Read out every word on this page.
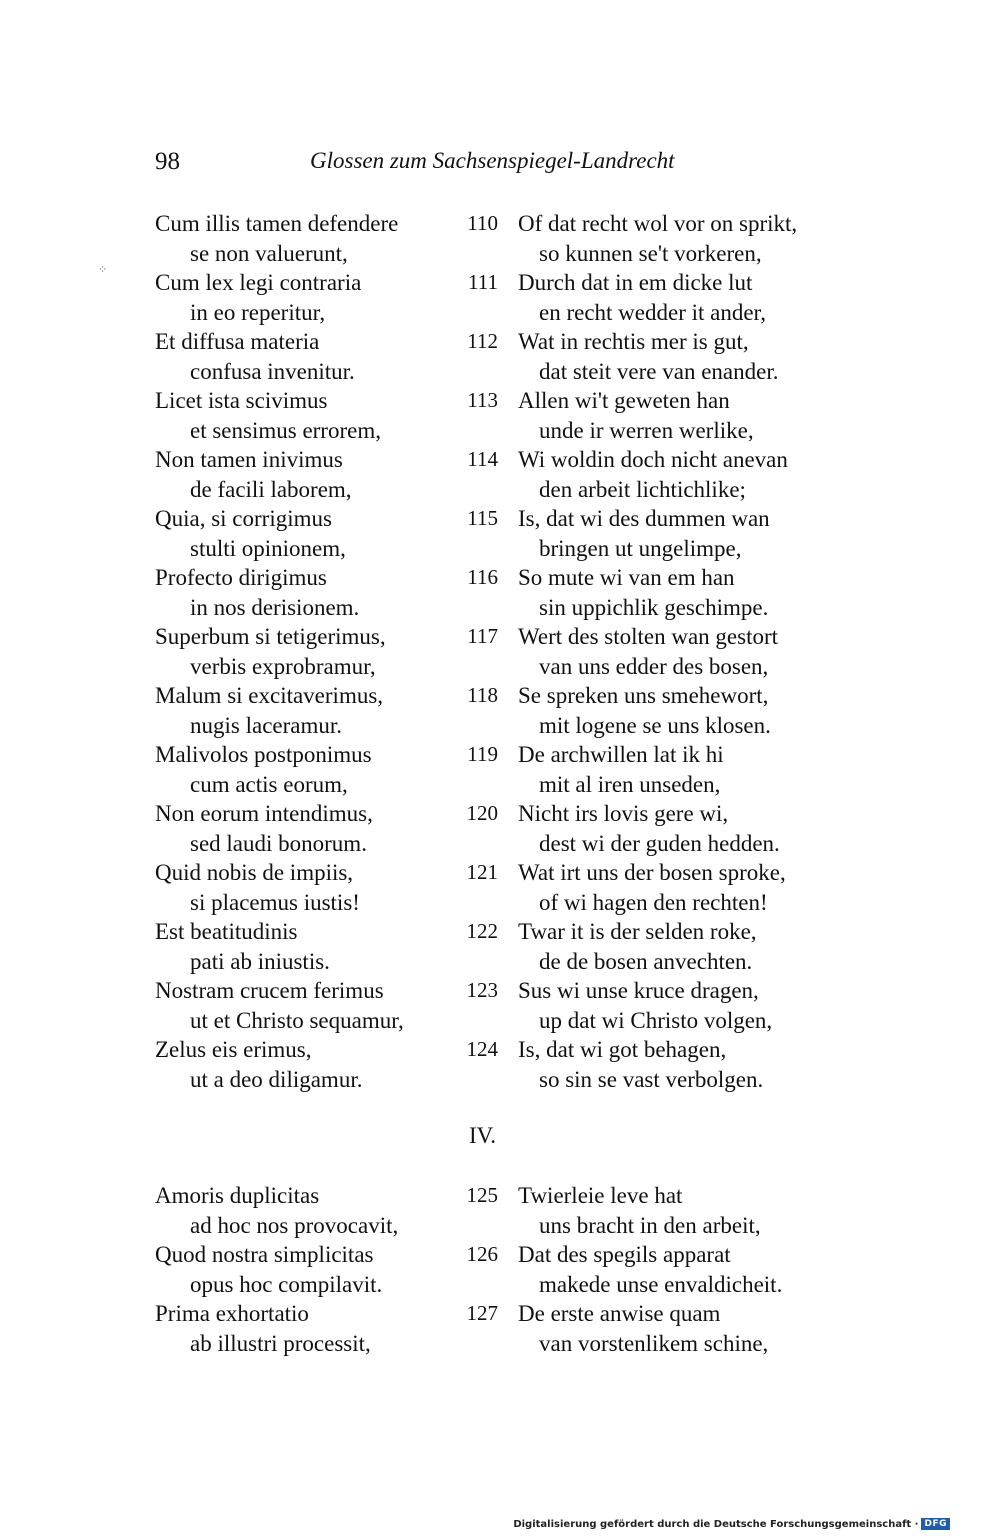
98	Glossen zum Sachsenspiegel-Landrecht
⁘
Cum illis tamen defendere
se non valuerunt,
110 Of dat recht wol vor on sprikt,
so kunnen se't vorkeren,
Cum lex legi contraria
in eo reperitur,
111 Durch dat in em dicke lut
en recht wedder it ander,
Et diffusa materia
confusa invenitur.
112 Wat in rechtis mer is gut,
dat steit vere van enander.
Licet ista scivimus
et sensimus errorem,
113 Allen wi't geweten han
unde ir werren werlike,
Non tamen inivimus
de facili laborem,
114 Wi woldin doch nicht anevan
den arbeit lichtichlike;
Quia, si corrigimus
stulti opinionem,
115 Is, dat wi des dummen wan
bringen ut ungelimpe,
Profecto dirigimus
in nos derisionem.
116 So mute wi van em han
sin uppichlik geschimpe.
Superbum si tetigerimus,
verbis exprobramur,
117 Wert des stolten wan gestort
van uns edder des bosen,
Malum si excitaverimus,
nugis laceramur.
118 Se spreken uns smehewort,
mit logene se uns klosen.
Malivolos postponimus
cum actis eorum,
119 De archwillen lat ik hi
mit al iren unseden,
Non eorum intendimus,
sed laudi bonorum.
120 Nicht irs lovis gere wi,
dest wi der guden hedden.
Quid nobis de impiis,
si placemus iustis!
121 Wat irt uns der bosen sproke,
of wi hagen den rechten!
Est beatitudinis
pati ab iniustis.
122 Twar it is der selden roke,
de de bosen anvechten.
Nostram crucem ferimus
ut et Christo sequamur,
123 Sus wi unse kruce dragen,
up dat wi Christo volgen,
Zelus eis erimus,
ut a deo diligamur.
124 Is, dat wi got behagen,
so sin se vast verbolgen.
IV.
Amoris duplicitas
ad hoc nos provocavit,
125 Twierleie leve hat
uns bracht in den arbeit,
Quod nostra simplicitas
opus hoc compilavit.
126 Dat des spegils apparat
makede unse envaldicheit.
Prima exhortatio
ab illustri processit,
127 De erste anwise quam
van vorstenlikem schine,
Digitalisierung gefördert durch die Deutsche Forschungsgemeinschaft · DFG
